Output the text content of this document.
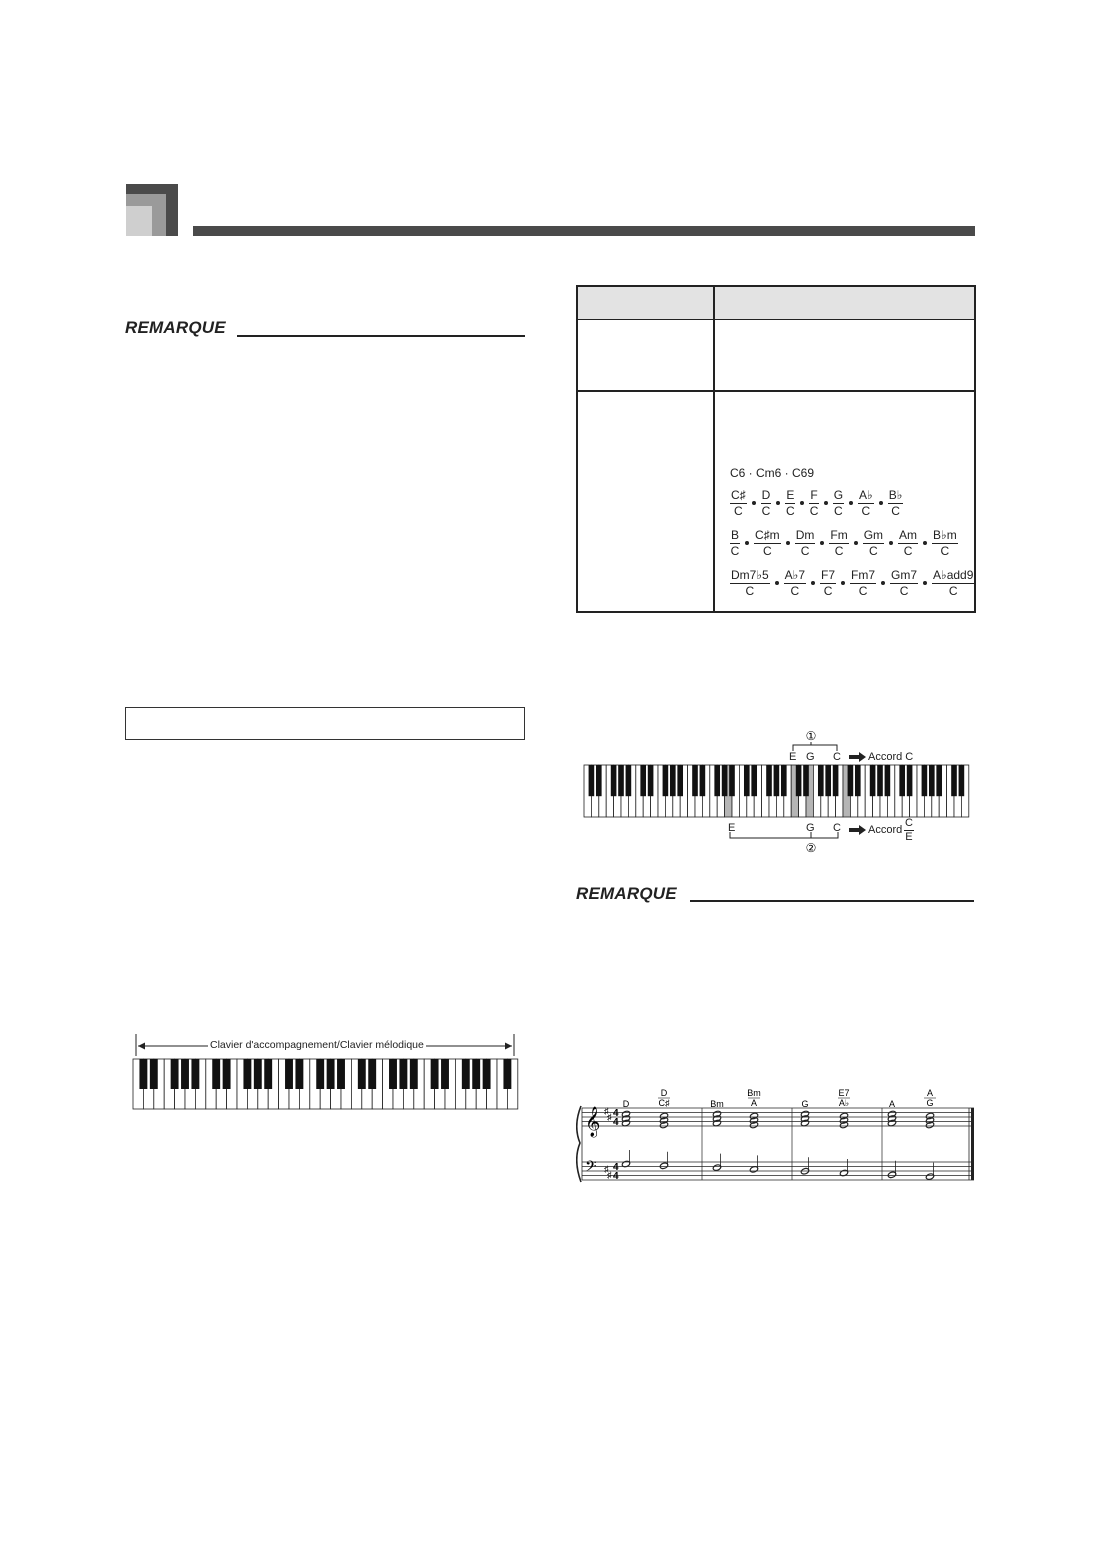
REMARQUE
C6 · Cm6 · C69
$\frac{C♯}{C} \frac{D}{C} \frac{E}{C} \frac{F}{C} \frac{G}{C} \frac{A♭}{C} \frac{B♭}{C}$
$\frac{B}{C} \frac{C♯m}{C} \frac{Dm}{C} \frac{Fm}{C} \frac{Gm}{C} \frac{Am}{C} \frac{B♭m}{C}$
$\frac{Dm7♭5}{C} \frac{A♭7}{C} \frac{F7}{C} \frac{Fm7}{C} \frac{Gm7}{C} \frac{\text{A♭add9}}{C}$
①
②
E G C Accord C
E	G C Accord $\frac{C}{E}$
REMARQUE
Clavier d'accompagnement/Clavier mélodique
𝄞
𝄢
♯
♯
♯
♯
4
4
4
4
D
D
C♯	Bm
Bm
A	G
E7
A♭	A
A
G
